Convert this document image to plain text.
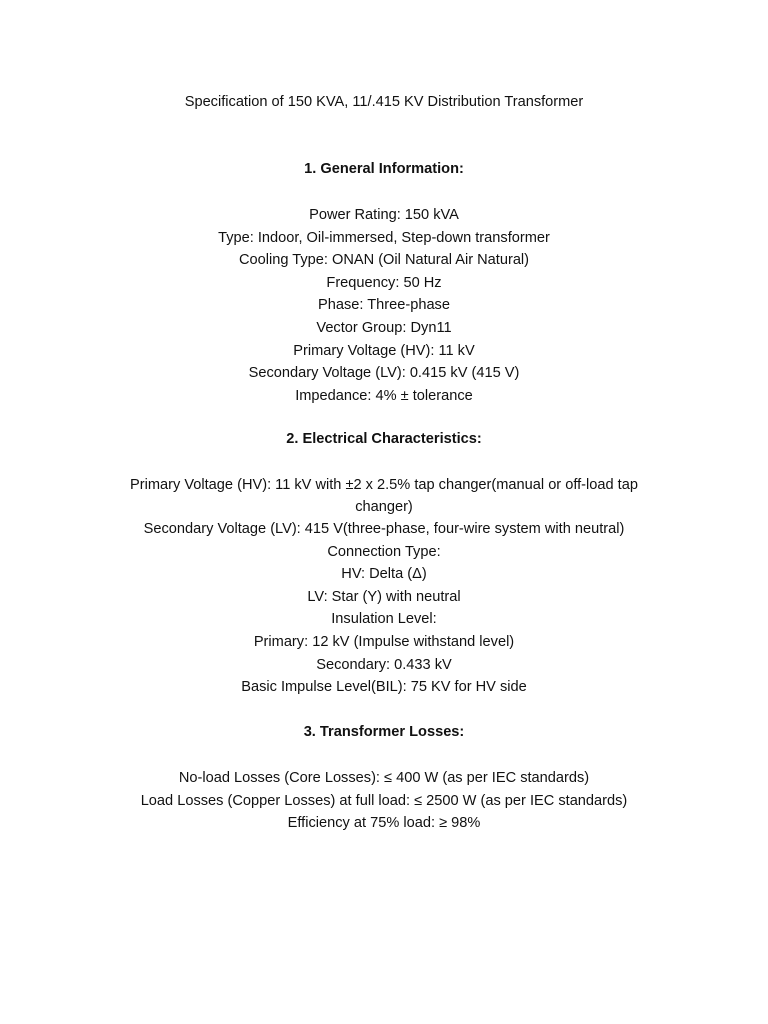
Specification of 150 KVA, 11/.415 KV Distribution Transformer

1. General Information:

Power Rating: 150 kVA
Type: Indoor, Oil-immersed, Step-down transformer
Cooling Type: ONAN (Oil Natural Air Natural)
Frequency: 50 Hz
Phase: Three-phase
Vector Group: Dyn11
Primary Voltage (HV): 11 kV
Secondary Voltage (LV): 0.415 kV (415 V)
Impedance: 4% ± tolerance

2. Electrical Characteristics:

Primary Voltage (HV): 11 kV with ±2 x 2.5% tap changer(manual or off-load tap changer)
Secondary Voltage (LV): 415 V(three-phase, four-wire system with neutral)
Connection Type:
HV: Delta (Δ)
LV: Star (Y) with neutral
Insulation Level:
Primary: 12 kV (Impulse withstand level)
Secondary: 0.433 kV
Basic Impulse Level(BIL): 75 KV for HV side

3. Transformer Losses:

No-load Losses (Core Losses): ≤ 400 W (as per IEC standards)
Load Losses (Copper Losses) at full load: ≤ 2500 W (as per IEC standards)
Efficiency at 75% load: ≥ 98%
